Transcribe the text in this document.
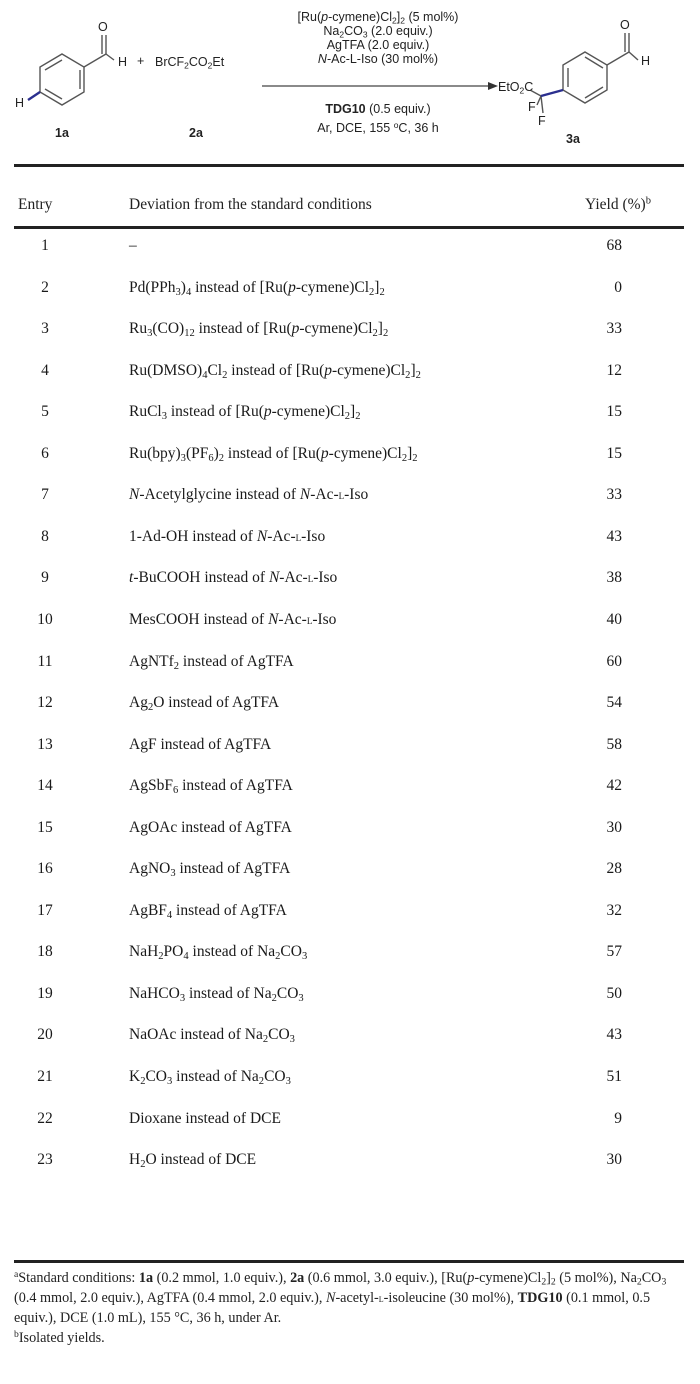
O
H
H
1a
+ $BrCF_2CO_2Et$
2a
$[Ru(p-cymene)Cl_2]_2$ (5 mol%)
$Na_2CO_3$ (2.0 equiv.)
AgTFA (2.0 equiv.)
N-Ac-L-Iso (30 mol%)
TDG10 (0.5 equiv.)
Ar, DCE, 155 $^o$C, 36 h
O
H
EtO$_2$C
F
F
3a
Entry	Deviation from the standard conditions	Yield (%)$^b$
1	–	68
2	$Pd(PPh_3)_4$ instead of $[Ru(p-cymene)Cl_2]_2$	0
3	$Ru_3(CO)_{12}$ instead of $[Ru(p-cymene)Cl_2]_2$	33
4	$Ru(DMSO)_4Cl_2$ instead of $[Ru(p-cymene)Cl_2]_2$	12
5	RuCl$_3$ instead of $[Ru(p-cymene)Cl_2]_2$	15
6	$Ru(bpy)_3(PF_6)_2$ instead of $[Ru(p-cymene)Cl_2]_2$	15
7	N-Acetylglycine instead of N-Ac-l-Iso	33
8	1-Ad-OH instead of N-Ac-l-Iso	43
9	t-BuCOOH instead of N-Ac-l-Iso	38
10	MesCOOH instead of N-Ac-l-Iso	40
11	AgNTf$_2$ instead of AgTFA	60
12	$Ag_2O$ instead of AgTFA	54
13	AgF instead of AgTFA	58
14	AgSbF$_6$ instead of AgTFA	42
15	AgOAc instead of AgTFA	30
16	AgNO$_3$ instead of AgTFA	28
17	AgBF$_4$ instead of AgTFA	32
18	$NaH_2PO_4$ instead of $Na_2CO_3$	57
19	NaHCO$_3$ instead of $Na_2CO_3$	50
20	NaOAc instead of $Na_2CO_3$	43
21	$K_2CO_3$ instead of $Na_2CO_3$	51
22	Dioxane instead of DCE	9
23	$H_2O$ instead of DCE	30
$^a$Standard conditions: 1a (0.2 mmol, 1.0 equiv.), 2a (0.6 mmol, 3.0 equiv.), $[Ru(p-cymene)Cl_2]_2$ (5 mol%), $Na_2CO_3$ (0.4 mmol, 2.0 equiv.), AgTFA (0.4 mmol, 2.0 equiv.), N-acetyl-l-isoleucine (30 mol%), TDG10 (0.1 mmol, 0.5 equiv.), DCE (1.0 mL), 155 °C, 36 h, under Ar.
$^b$Isolated yields.
